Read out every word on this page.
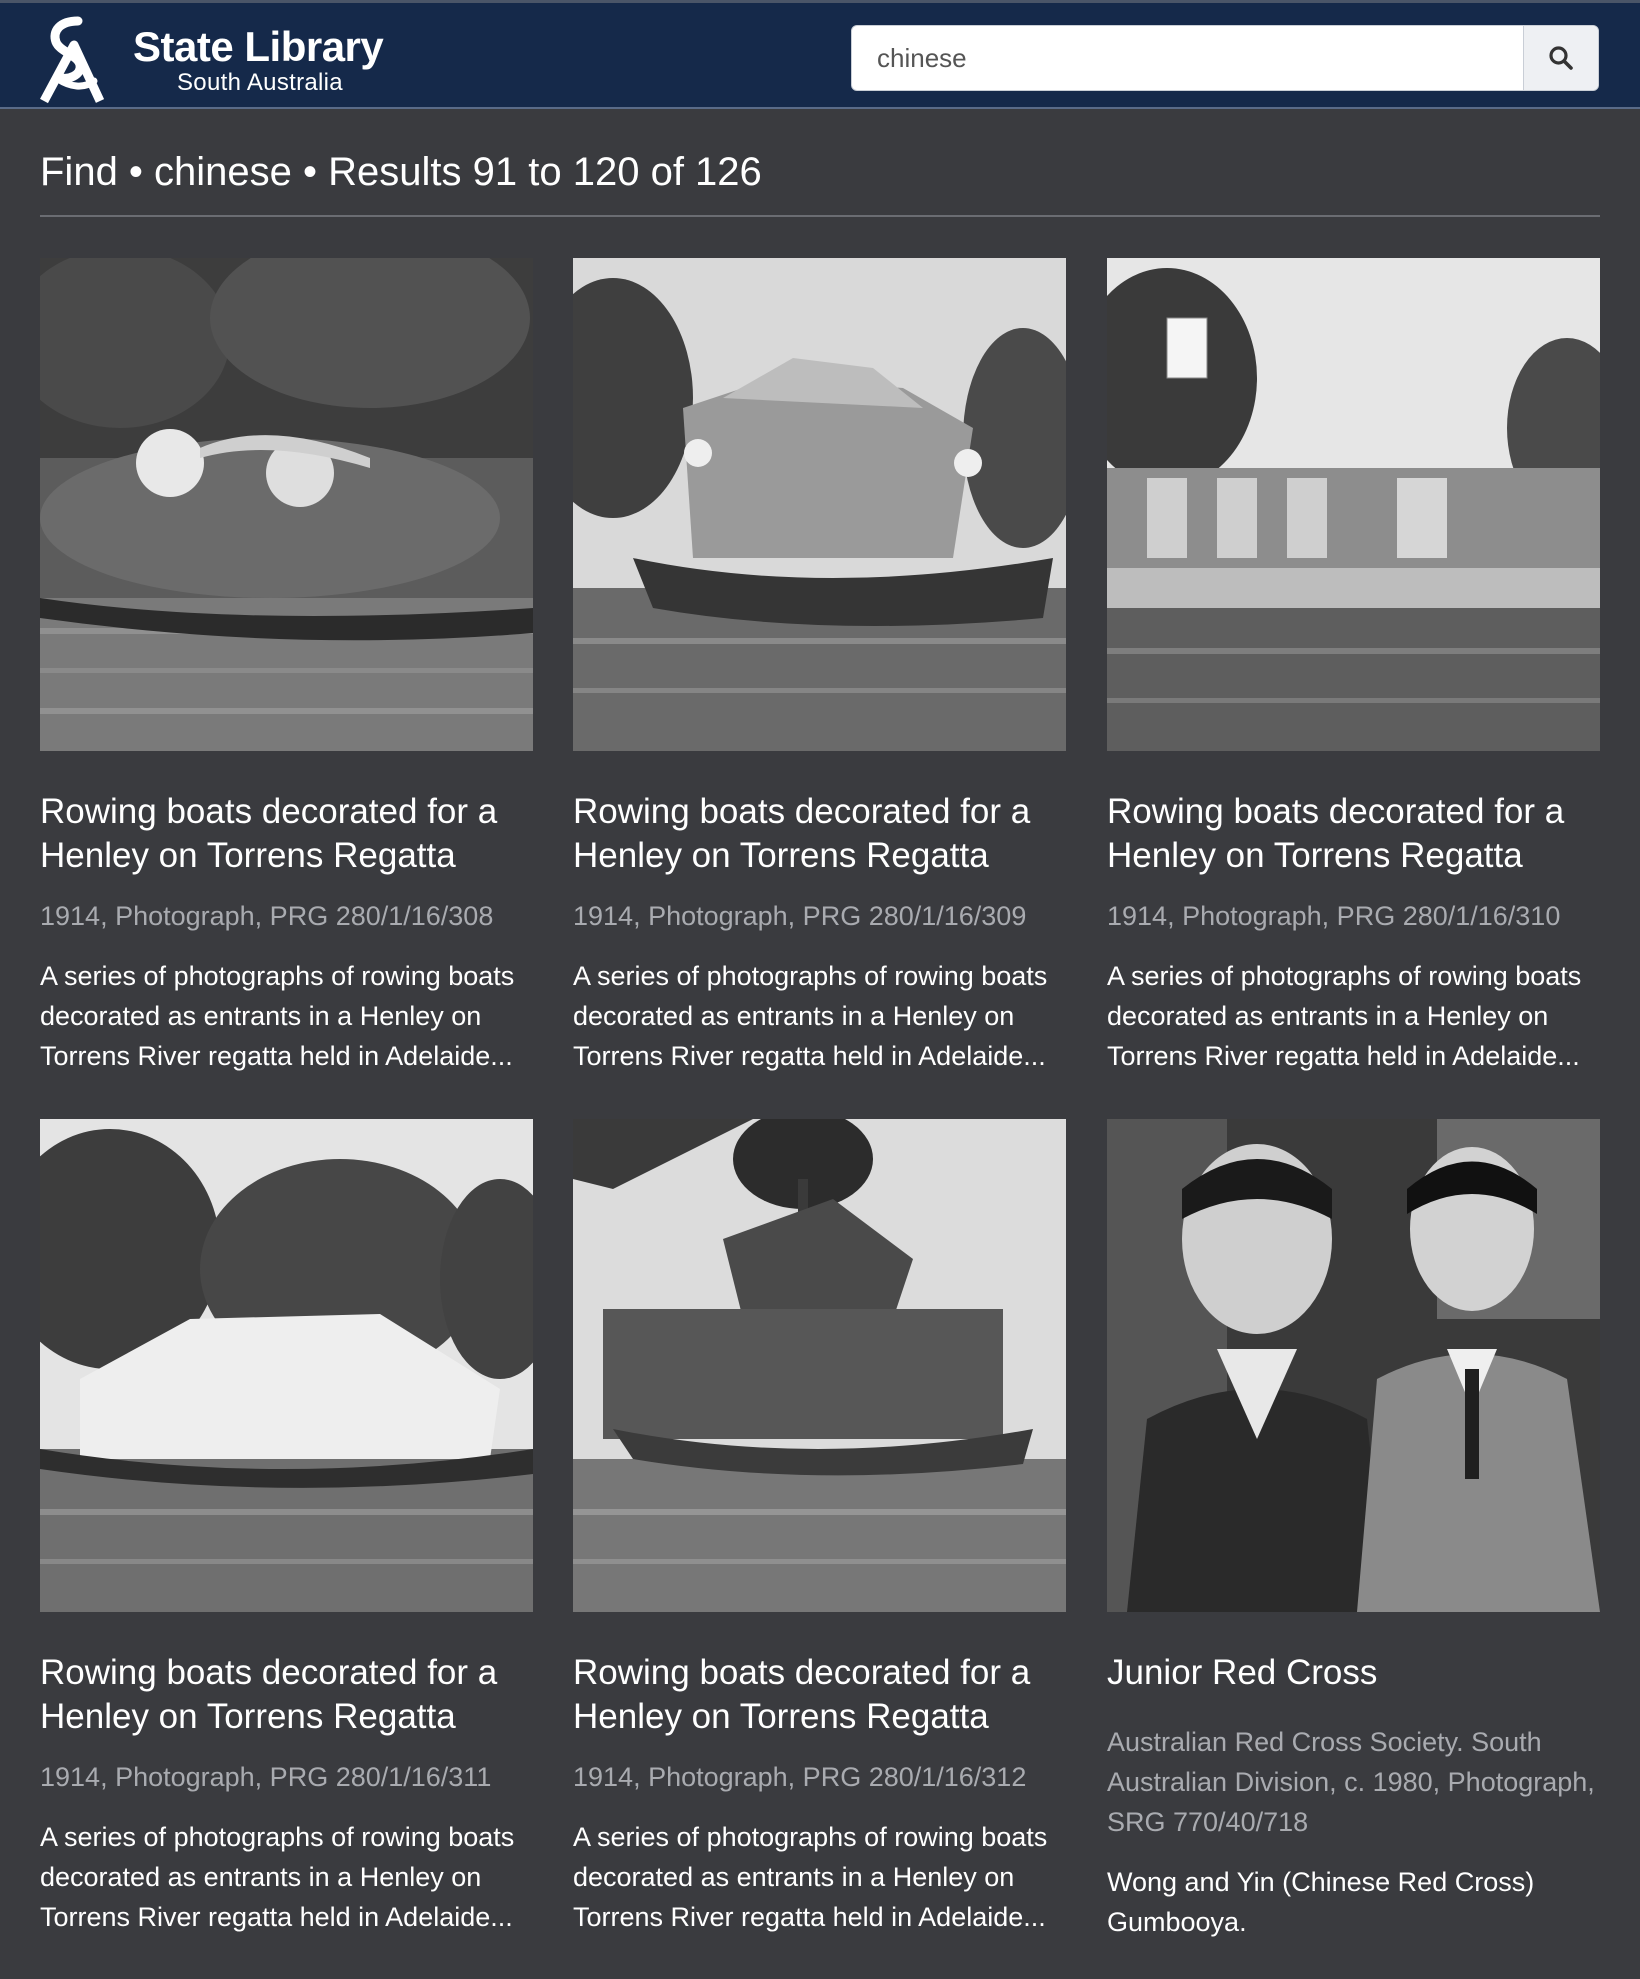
State Library
South Australia
chinese
Find • chinese • Results 91 to 120 of 126
Rowing boats decorated for a Henley on Torrens Regatta
1914, Photograph, PRG 280/1/16/308
A series of photographs of rowing boats decorated as entrants in a Henley on Torrens River regatta held in Adelaide...
Rowing boats decorated for a Henley on Torrens Regatta
1914, Photograph, PRG 280/1/16/309
A series of photographs of rowing boats decorated as entrants in a Henley on Torrens River regatta held in Adelaide...
Rowing boats decorated for a Henley on Torrens Regatta
1914, Photograph, PRG 280/1/16/310
A series of photographs of rowing boats decorated as entrants in a Henley on Torrens River regatta held in Adelaide...
Rowing boats decorated for a Henley on Torrens Regatta
1914, Photograph, PRG 280/1/16/311
A series of photographs of rowing boats decorated as entrants in a Henley on Torrens River regatta held in Adelaide...
Rowing boats decorated for a Henley on Torrens Regatta
1914, Photograph, PRG 280/1/16/312
A series of photographs of rowing boats decorated as entrants in a Henley on Torrens River regatta held in Adelaide...
Junior Red Cross
Australian Red Cross Society. South Australian Division, c. 1980, Photograph, SRG 770/40/718
Wong and Yin (Chinese Red Cross) Gumbooya.
